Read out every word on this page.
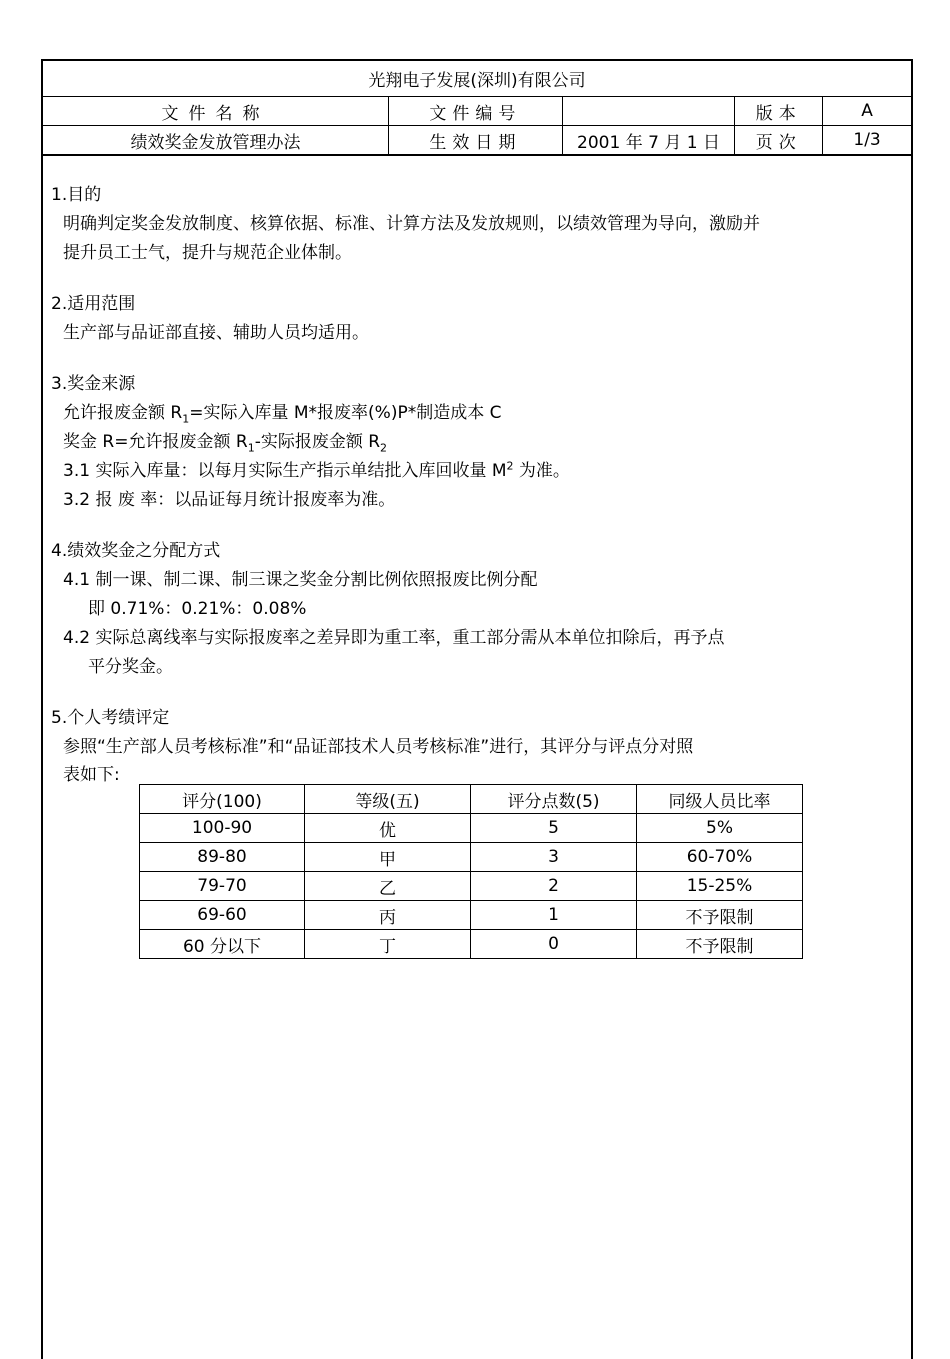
光翔电子发展(深圳)有限公司				
文件名称	文件编号		版本	A
绩效奖金发放管理办法	生效日期	2001 年 7 月 1 日	页次	1/3
1.目的
明确判定奖金发放制度、核算依据、标准、计算方法及发放规则，以绩效管理为导向，激励并
提升员工士气，提升与规范企业体制。
2.适用范围
生产部与品证部直接、辅助人员均适用。
3.奖金来源
允许报废金额 $R_1=$实际入库量 M*报废率(%)P*制造成本 C
奖金 R=允许报废金额 $R_1-$实际报废金额 $R_2$
3.1 实际入库量：以每月实际生产指示单结批入库回收量 $M^2$ 为准。
3.2 报 废 率：以品证每月统计报废率为准。
4.绩效奖金之分配方式
4.1 制一课、制二课、制三课之奖金分割比例依照报废比例分配
即 0.71%：0.21%：0.08%
4.2 实际总离线率与实际报废率之差异即为重工率，重工部分需从本单位扣除后，再予点
平分奖金。
5.个人考绩评定
参照“生产部人员考核标准”和“品证部技术人员考核标准”进行，其评分与评点分对照
表如下:
评分(100)	等级(五)	评分点数(5)	同级人员比率
100-90	优	5	5%
89-80	甲	3	60-70%
79-70	乙	2	15-25%
69-60	丙	1	不予限制
60 分以下	丁	0	不予限制
